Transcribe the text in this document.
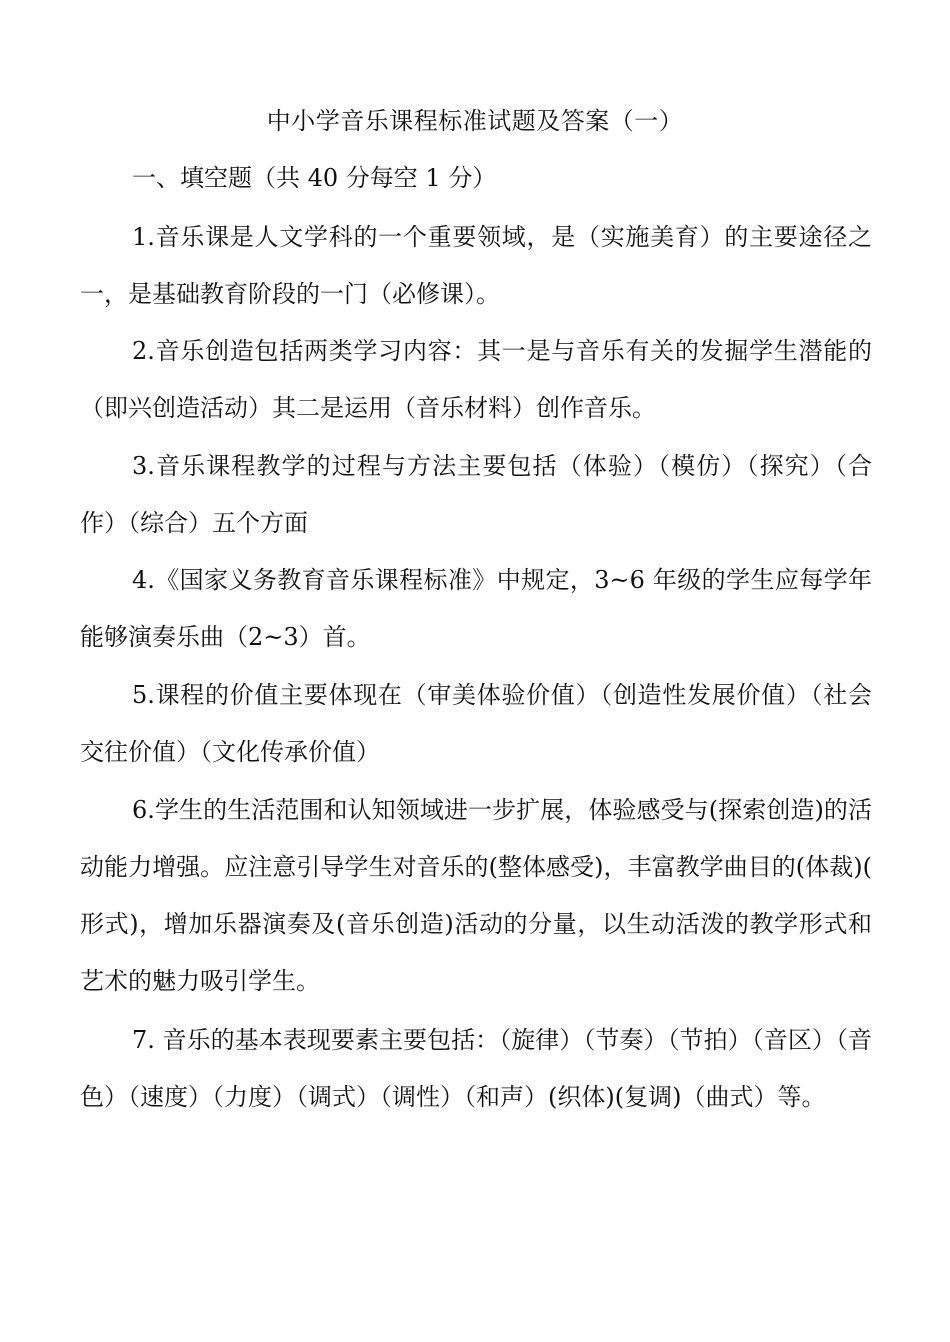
中小学音乐课程标准试题及答案（一）
一、填空题（共 40 分每空 1 分）
1.音乐课是人文学科的一个重要领域，是（实施美育）的主要途径之一，是基础教育阶段的一门（必修课）。
2.音乐创造包括两类学习内容：其一是与音乐有关的发掘学生潜能的（即兴创造活动）其二是运用（音乐材料）创作音乐。
3.音乐课程教学的过程与方法主要包括（体验）（模仿）（探究）（合作）（综合）五个方面
4.《国家义务教育音乐课程标准》中规定，3~6 年级的学生应每学年能够演奏乐曲（2~3）首。
5.课程的价值主要体现在（审美体验价值）（创造性发展价值）（社会交往价值）（文化传承价值）
6.学生的生活范围和认知领域进一步扩展，体验感受与(探索创造)的活动能力增强。应注意引导学生对音乐的(整体感受)，丰富教学曲目的(体裁)( 形式)，增加乐器演奏及(音乐创造)活动的分量，以生动活泼的教学形式和艺术的魅力吸引学生。
7. 音乐的基本表现要素主要包括：（旋律）（节奏）（节拍）（音区）（音色）（速度）（力度）（调式）（调性）（和声）(织体)(复调)（曲式）等。
